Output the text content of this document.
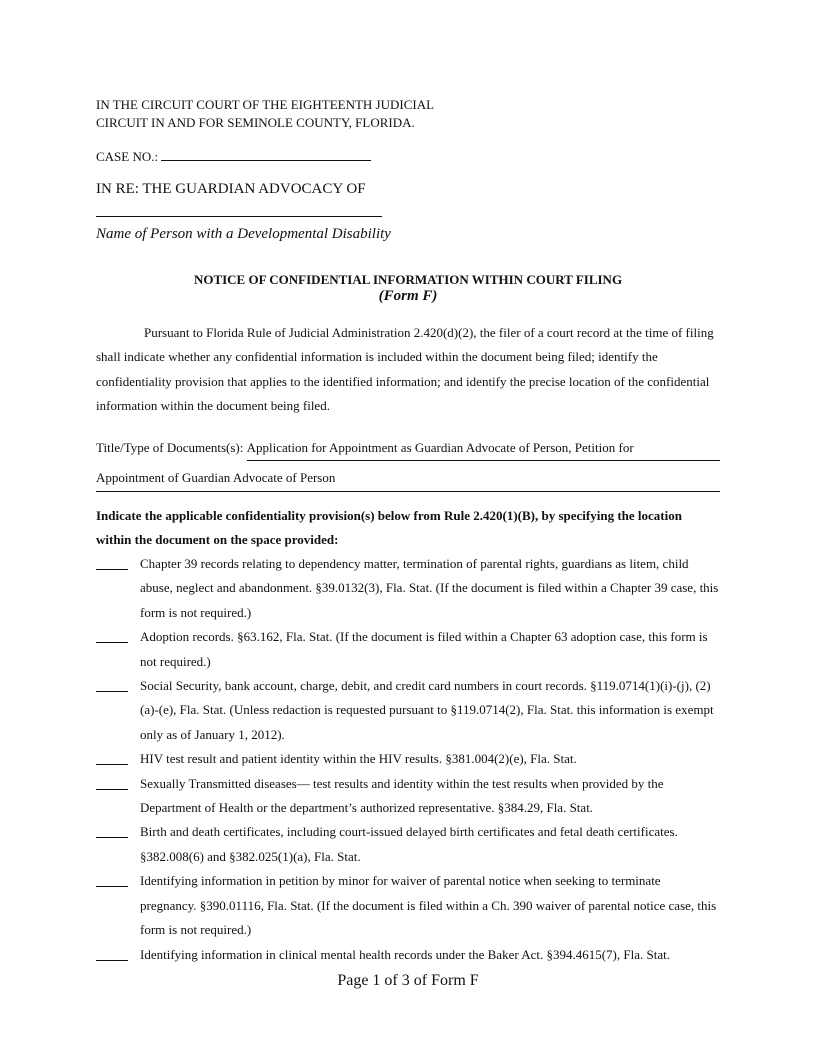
IN THE CIRCUIT COURT OF THE EIGHTEENTH JUDICIAL
CIRCUIT IN AND FOR SEMINOLE COUNTY, FLORIDA.
CASE NO.:
IN RE: THE GUARDIAN ADVOCACY OF
Name of Person with a Developmental Disability
NOTICE OF CONFIDENTIAL INFORMATION WITHIN COURT FILING
(Form F)
Pursuant to Florida Rule of Judicial Administration 2.420(d)(2), the filer of a court record at the time of filing shall indicate whether any confidential information is included within the document being filed; identify the confidentiality provision that applies to the identified information; and identify the precise location of the confidential information within the document being filed.
Title/Type of Documents(s):
Application for Appointment as Guardian Advocate of Person, Petition for
Appointment of Guardian Advocate of Person
Indicate the applicable confidentiality provision(s) below from Rule 2.420(1)(B), by specifying the location within the document on the space provided:
Chapter 39 records relating to dependency matter, termination of parental rights, guardians as litem, child abuse, neglect and abandonment. §39.0132(3), Fla. Stat. (If the document is filed within a Chapter 39 case, this form is not required.)
Adoption records. §63.162, Fla. Stat. (If the document is filed within a Chapter 63 adoption case, this form is not required.)
Social Security, bank account, charge, debit, and credit card numbers in court records. §119.0714(1)(i)-(j), (2)(a)-(e), Fla. Stat. (Unless redaction is requested pursuant to §119.0714(2), Fla. Stat. this information is exempt only as of January 1, 2012).
HIV test result and patient identity within the HIV results. §381.004(2)(e), Fla. Stat.
Sexually Transmitted diseases— test results and identity within the test results when provided by the Department of Health or the department’s authorized representative. §384.29, Fla. Stat.
Birth and death certificates, including court-issued delayed birth certificates and fetal death certificates. §382.008(6) and §382.025(1)(a), Fla. Stat.
Identifying information in petition by minor for waiver of parental notice when seeking to terminate pregnancy. §390.01116, Fla. Stat. (If the document is filed within a Ch. 390 waiver of parental notice case, this form is not required.)
Identifying information in clinical mental health records under the Baker Act. §394.4615(7), Fla. Stat.
Page 1 of 3 of Form F
